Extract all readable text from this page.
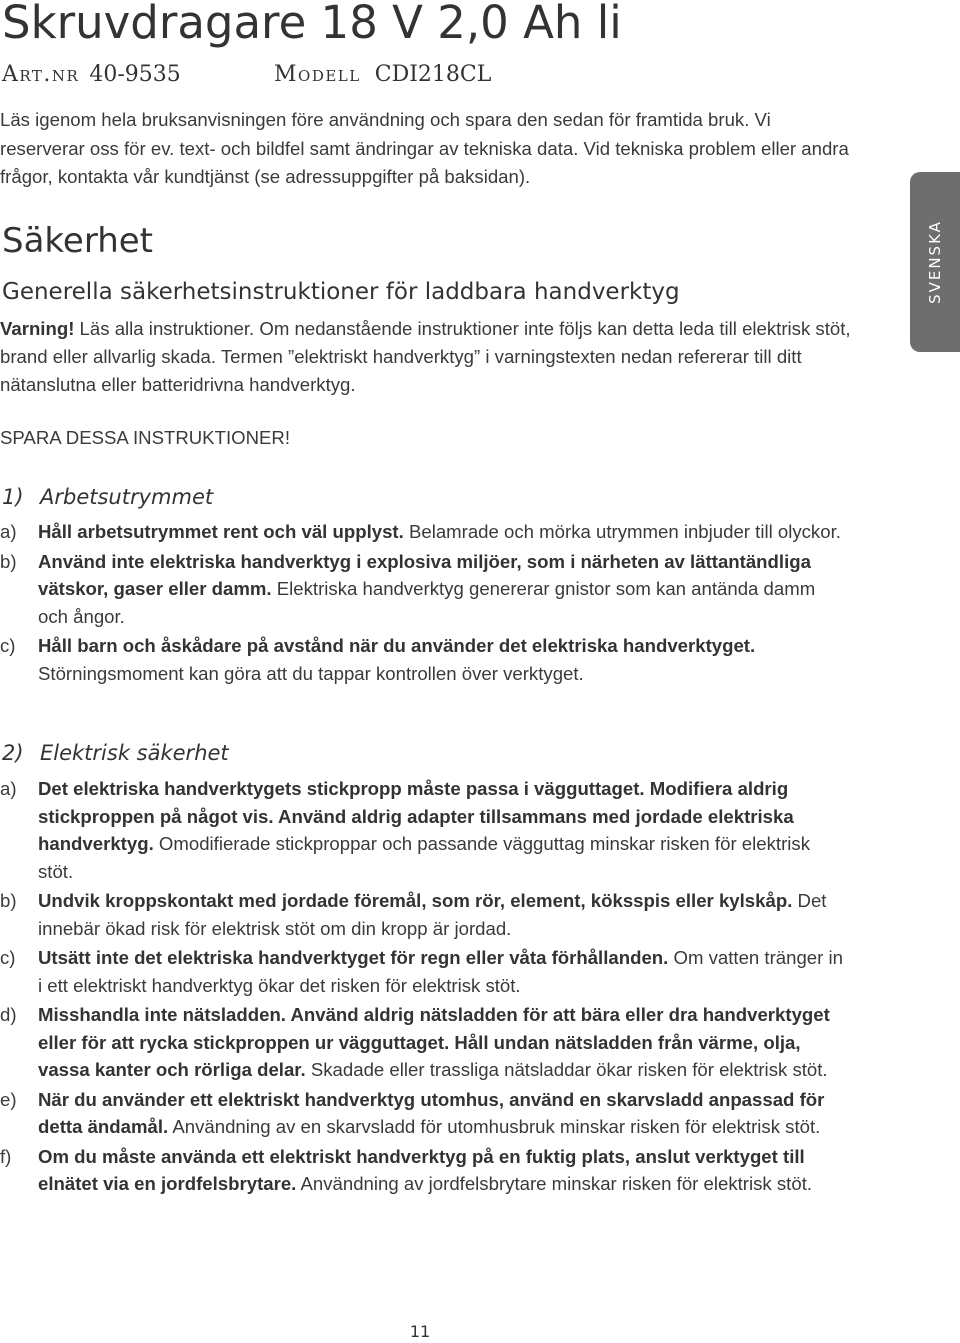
Skruvdragare 18 V 2,0 Ah li
Art.nr 40-9535	Modell CDI218CL

Läs igenom hela bruksanvisningen före användning och spara den sedan för framtida bruk. Vi reserverar oss för ev. text- och bildfel samt ändringar av tekniska data. Vid tekniska problem eller andra frågor, kontakta vår kundtjänst (se adressuppgifter på baksidan).

Säkerhet
Generella säkerhetsinstruktioner för laddbara handverktyg

Varning! Läs alla instruktioner. Om nedanstående instruktioner inte följs kan detta leda till elektrisk stöt, brand eller allvarlig skada. Termen ”elektriskt handverktyg” i varningstexten nedan refererar till ditt nätanslutna eller batteridrivna handverktyg.

SPARA DESSA INSTRUKTIONER!

SVENSKA
1) Arbetsutrymmet
a)	Håll arbetsutrymmet rent och väl upplyst. Belamrade och mörka utrymmen inbjuder till olyckor.
b)	Använd inte elektriska handverktyg i explosiva miljöer, som i närheten av lättantändliga vätskor, gaser eller damm. Elektriska handverktyg genererar gnistor som kan antända damm och ångor.
c)	Håll barn och åskådare på avstånd när du använder det elektriska handverktyget. Störningsmoment kan göra att du tappar kontrollen över verktyget.
2) Elektrisk säkerhet
a)	Det elektriska handverktygets stickpropp måste passa i vägguttaget. Modifiera aldrig stickproppen på något vis. Använd aldrig adapter tillsammans med jordade elektriska handverktyg. Omodifierade stickproppar och passande vägguttag minskar risken för elektrisk stöt.
b)	Undvik kroppskontakt med jordade föremål, som rör, element, köksspis eller kylskåp. Det innebär ökad risk för elektrisk stöt om din kropp är jordad.
c)	Utsätt inte det elektriska handverktyget för regn eller våta förhållanden. Om vatten tränger in i ett elektriskt handverktyg ökar det risken för elektrisk stöt.
d)	Misshandla inte nätsladden. Använd aldrig nätsladden för att bära eller dra handverktyget eller för att rycka stickproppen ur vägguttaget. Håll undan nätsladden från värme, olja, vassa kanter och rörliga delar. Skadade eller trassliga nätsladdar ökar risken för elektrisk stöt.
e)	När du använder ett elektriskt handverktyg utomhus, använd en skarvsladd anpassad för detta ändamål. Användning av en skarvsladd för utomhusbruk minskar risken för elektrisk stöt.
f)	Om du måste använda ett elektriskt handverktyg på en fuktig plats, anslut verktyget till elnätet via en jordfelsbrytare. Användning av jordfelsbrytare minskar risken för elektrisk stöt.
11
